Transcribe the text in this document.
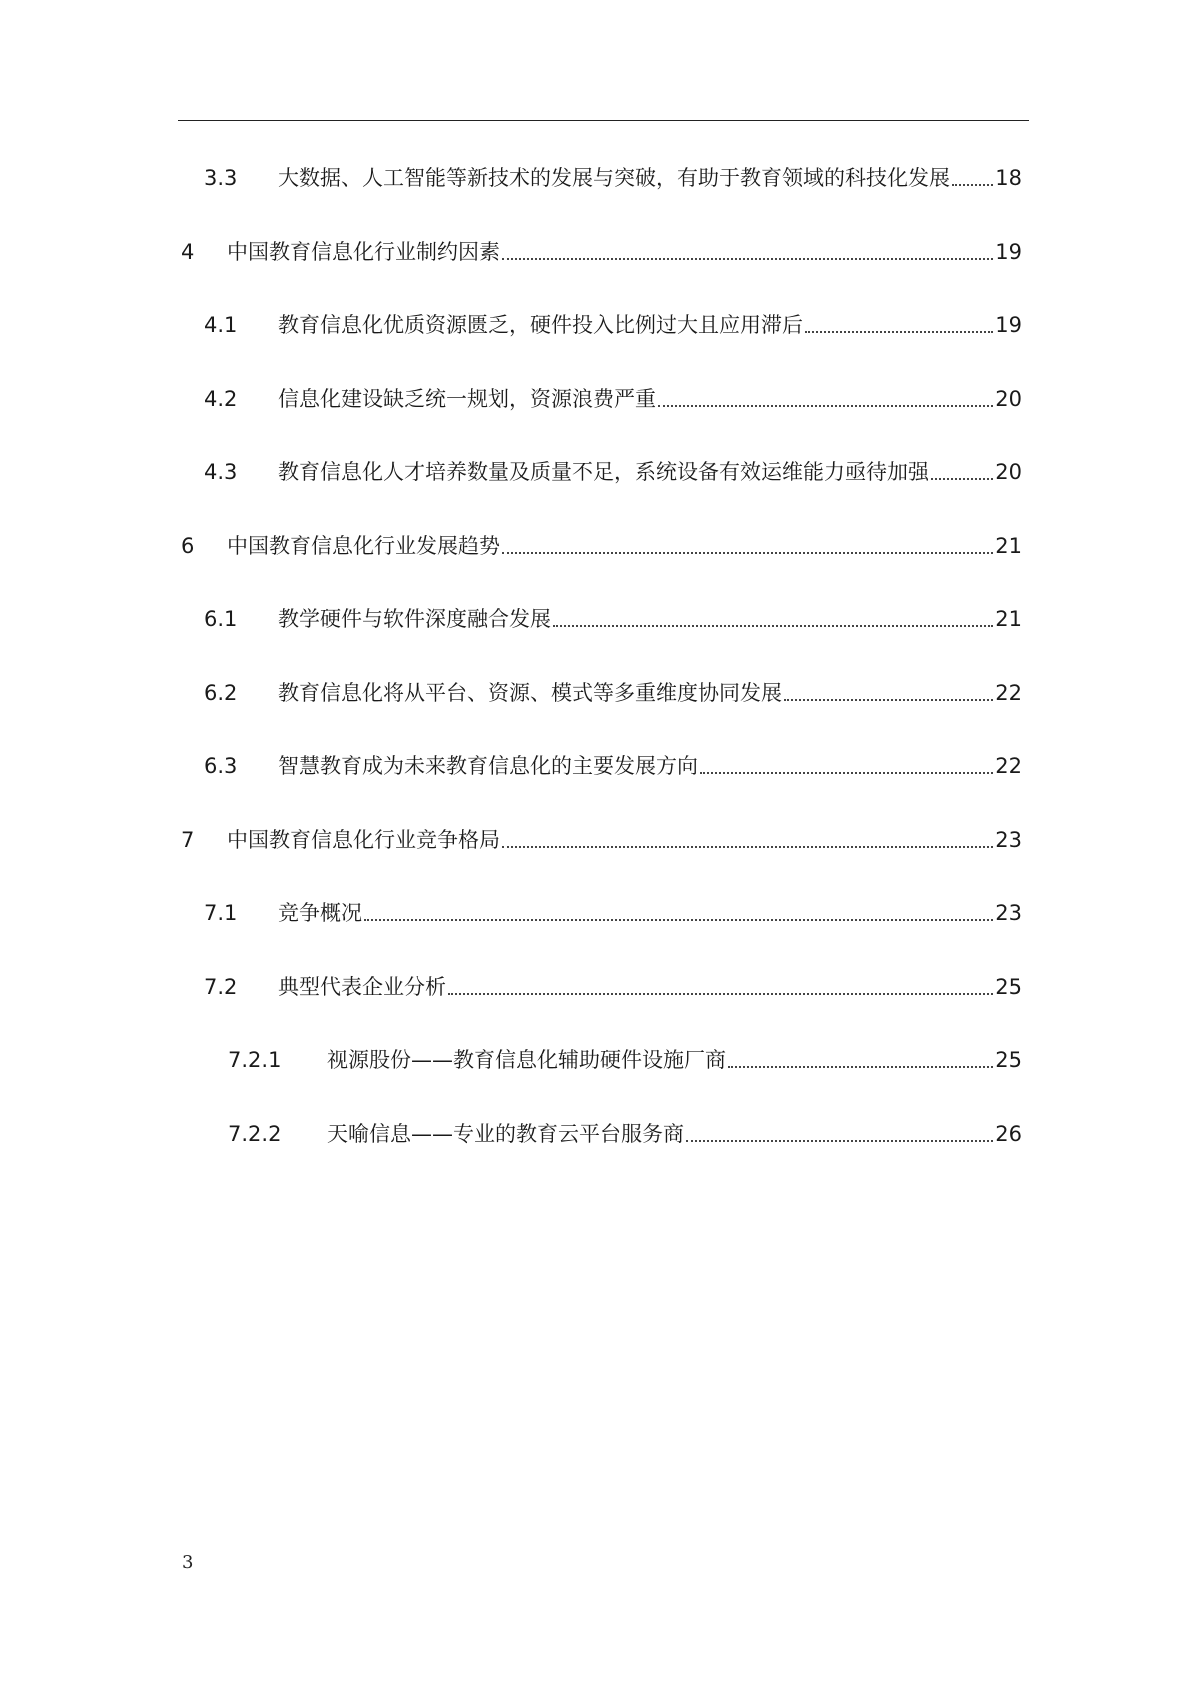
3.3	大数据、人工智能等新技术的发展与突破，有助于教育领域的科技化发展 18
4	中国教育信息化行业制约因素	19
4.1	教育信息化优质资源匮乏，硬件投入比例过大且应用滞后	19
4.2	信息化建设缺乏统一规划，资源浪费严重	20
4.3	教育信息化人才培养数量及质量不足，系统设备有效运维能力亟待加强	20
6	中国教育信息化行业发展趋势	21
6.1	教学硬件与软件深度融合发展	21
6.2	教育信息化将从平台、资源、模式等多重维度协同发展	22
6.3	智慧教育成为未来教育信息化的主要发展方向	22
7	中国教育信息化行业竞争格局	23
7.1	竞争概况	23
7.2	典型代表企业分析	25
7.2.1	视源股份——教育信息化辅助硬件设施厂商	25
7.2.2	天喻信息——专业的教育云平台服务商	26
3
